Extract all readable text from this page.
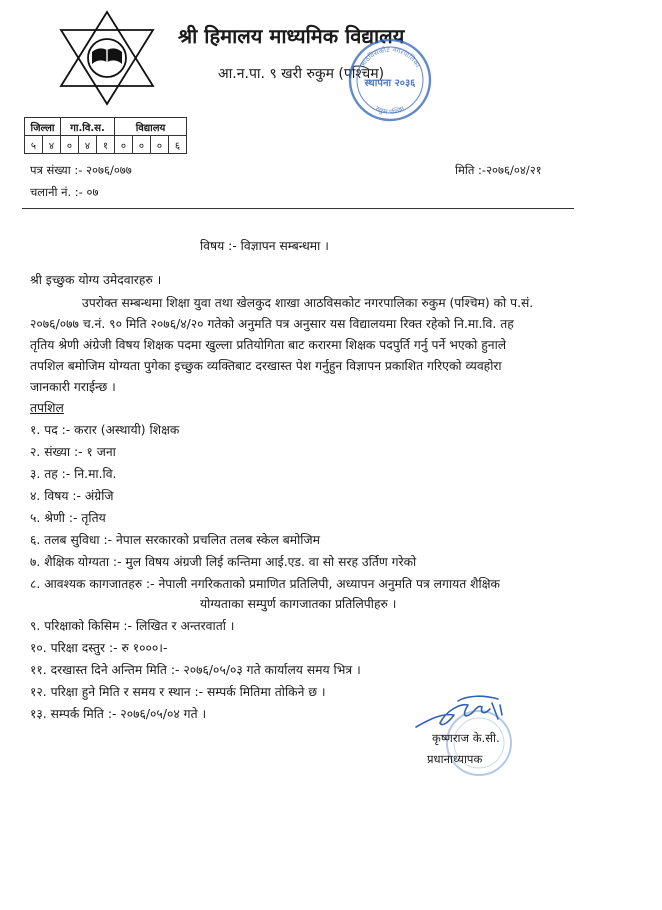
श्री हिमालय माध्यमिक विद्यालय
आ.न.पा. ९ खरी रुकुम (पश्चिम)
आठविसकोट नगरपालिका
स्थापना २०३६
रुकुम पश्चिम
जिल्ला		गा.वि.स.			विद्यालय			
५	४	०	४	१	०	०	०	६
पत्र संख्या :- २०७६/०७७
चलानी नं. :- ०७
मिति :-२०७६/०४/२१
विषय :- विज्ञापन सम्बन्धमा ।
श्री इच्छुक योग्य उमेदवारहरु ।
उपरोक्त सम्बन्धमा शिक्षा युवा तथा खेलकुद शाखा आठविसकोट नगरपालिका रुकुम (पश्चिम) को प.सं.
२०७६/०७७ च.नं. ९० मिति २०७६/४/२० गतेको अनुमति पत्र अनुसार यस विद्यालयमा रिक्त रहेको नि.मा.वि. तह
तृतिय श्रेणी अंग्रेजी विषय शिक्षक पदमा खुल्ला प्रतियोगिता बाट करारमा शिक्षक पदपुर्ति गर्नु पर्ने भएको हुनाले
तपशिल बमोजिम योग्यता पुगेका इच्छुक व्यक्तिबाट दरखास्त पेश गर्नुहुन विज्ञापन प्रकाशित गरिएको व्यवहोरा
जानकारी गराईन्छ ।
तपशिल
१. पद :- करार (अस्थायी) शिक्षक
२. संख्या :- १ जना
३. तह :- नि.मा.वि.
४. विषय :- अंग्रेजि
५. श्रेणी :- तृतिय
६. तलब सुविधा :- नेपाल सरकारको प्रचलित तलब स्केल बमोजिम
७. शैक्षिक योग्यता :- मुल विषय अंग्रजी लिई कन्तिमा आई.एड. वा सो सरह उर्तिण गरेको
८. आवश्यक कागजातहरु :- नेपाली नगरिकताको प्रमाणित प्रतिलिपी, अध्यापन अनुमति पत्र लगायत शैक्षिक
योग्यताका सम्पुर्ण कागजातका प्रतिलिपीहरु ।
९. परिक्षाको किसिम :- लिखित र अन्तरवार्ता ।
१०. परिक्षा दस्तुर :- रु १०००।-
११. दरखास्त दिने अन्तिम मिति :- २०७६/०५/०३ गते कार्यालय समय भित्र ।
१२. परिक्षा हुने मिति र समय र स्थान :- सम्पर्क मितिमा तोकिने छ ।
१३. सम्पर्क मिति :- २०७६/०५/०४ गते ।
कृष्णराज के.सी.
प्रधानाध्यापक
